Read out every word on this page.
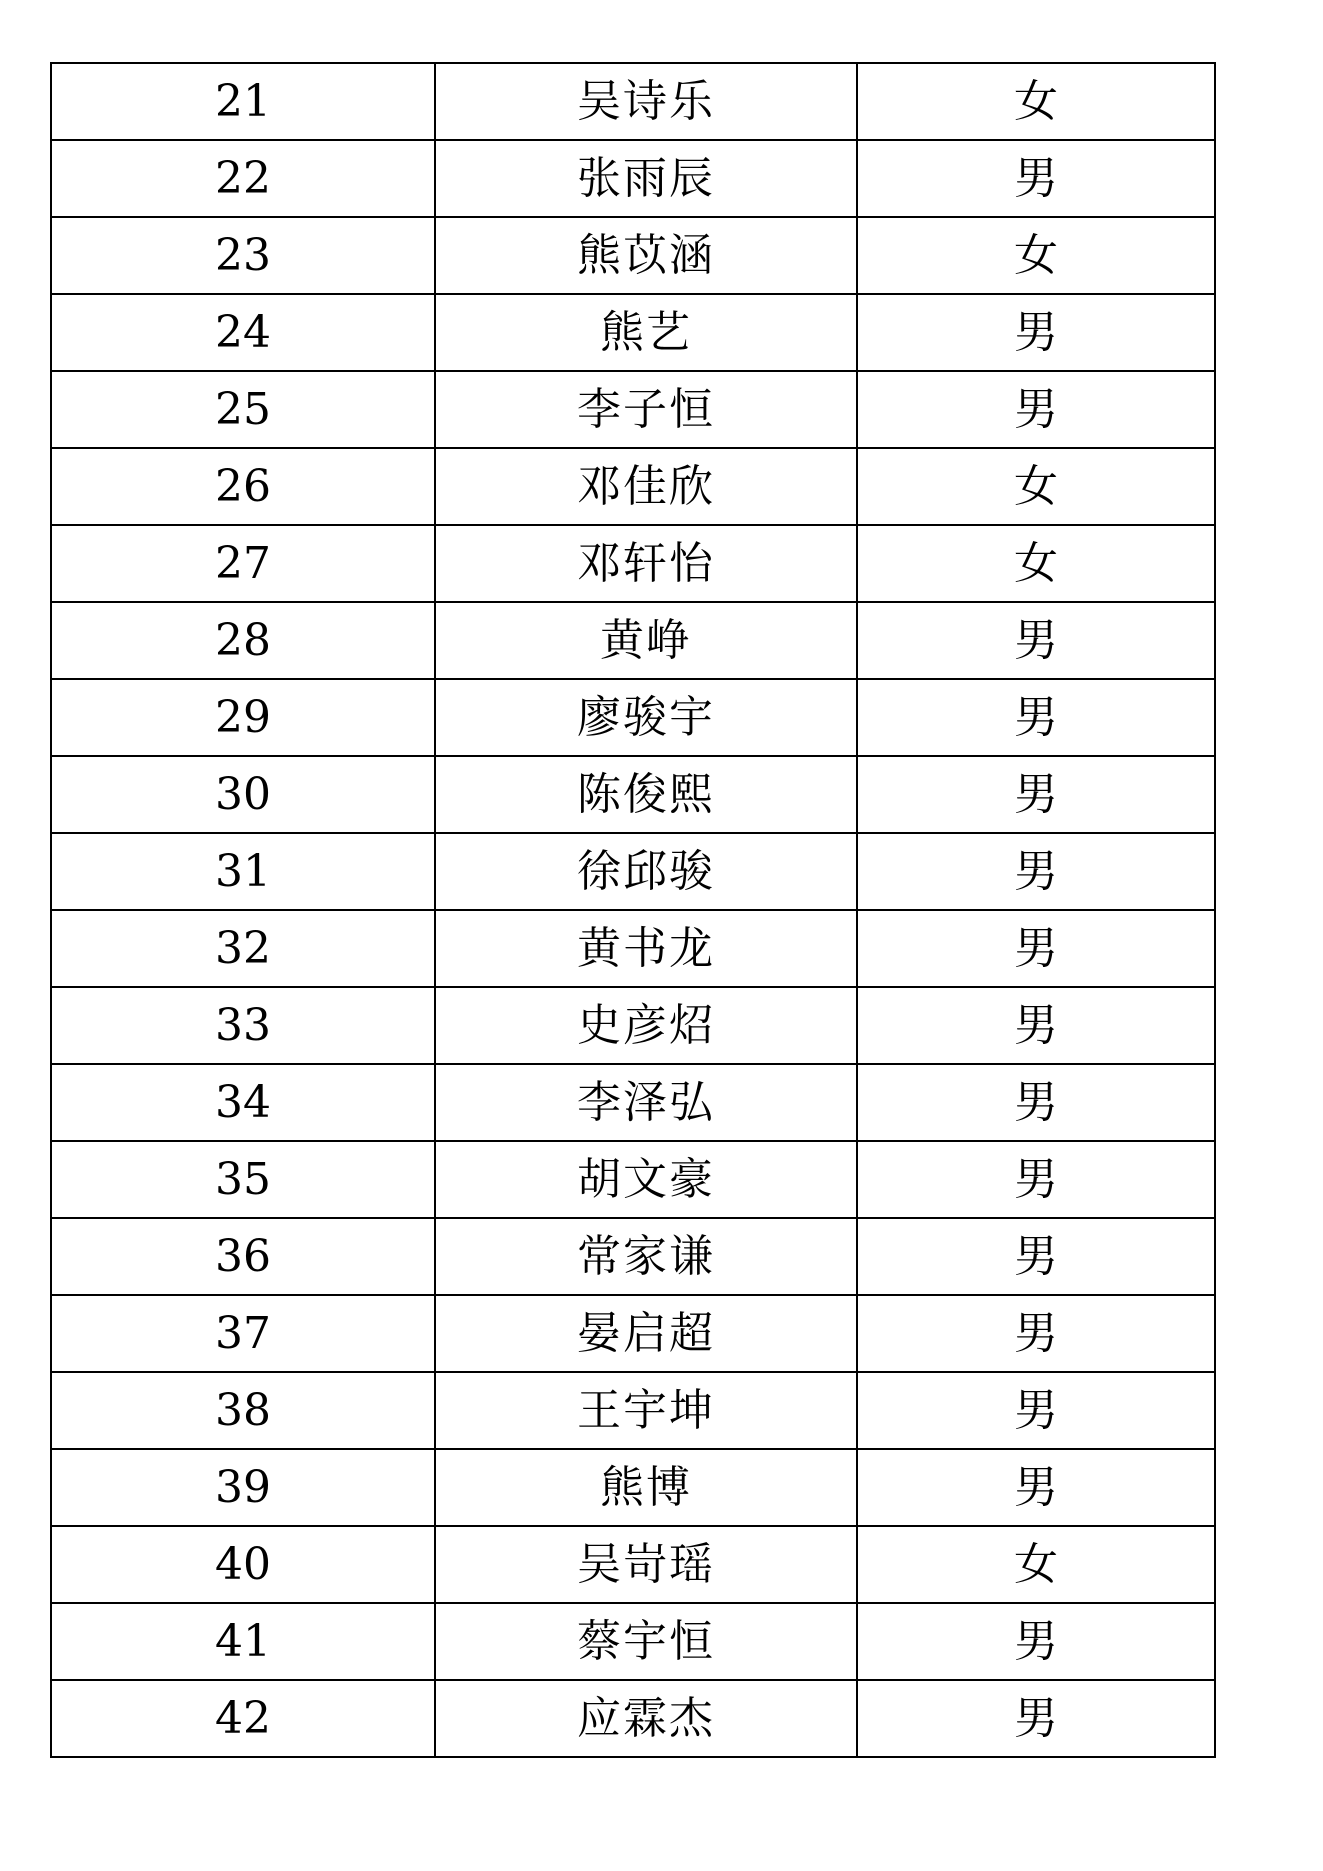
21	吴诗乐	女
22	张雨辰	男
23	熊苡涵	女
24	熊艺	男
25	李子恒	男
26	邓佳欣	女
27	邓轩怡	女
28	黄峥	男
29	廖骏宇	男
30	陈俊熙	男
31	徐邱骏	男
32	黄书龙	男
33	史彦炤	男
34	李泽弘	男
35	胡文豪	男
36	常家谦	男
37	晏启超	男
38	王宇坤	男
39	熊博	男
40	吴岢瑶	女
41	蔡宇恒	男
42	应霖杰	男
